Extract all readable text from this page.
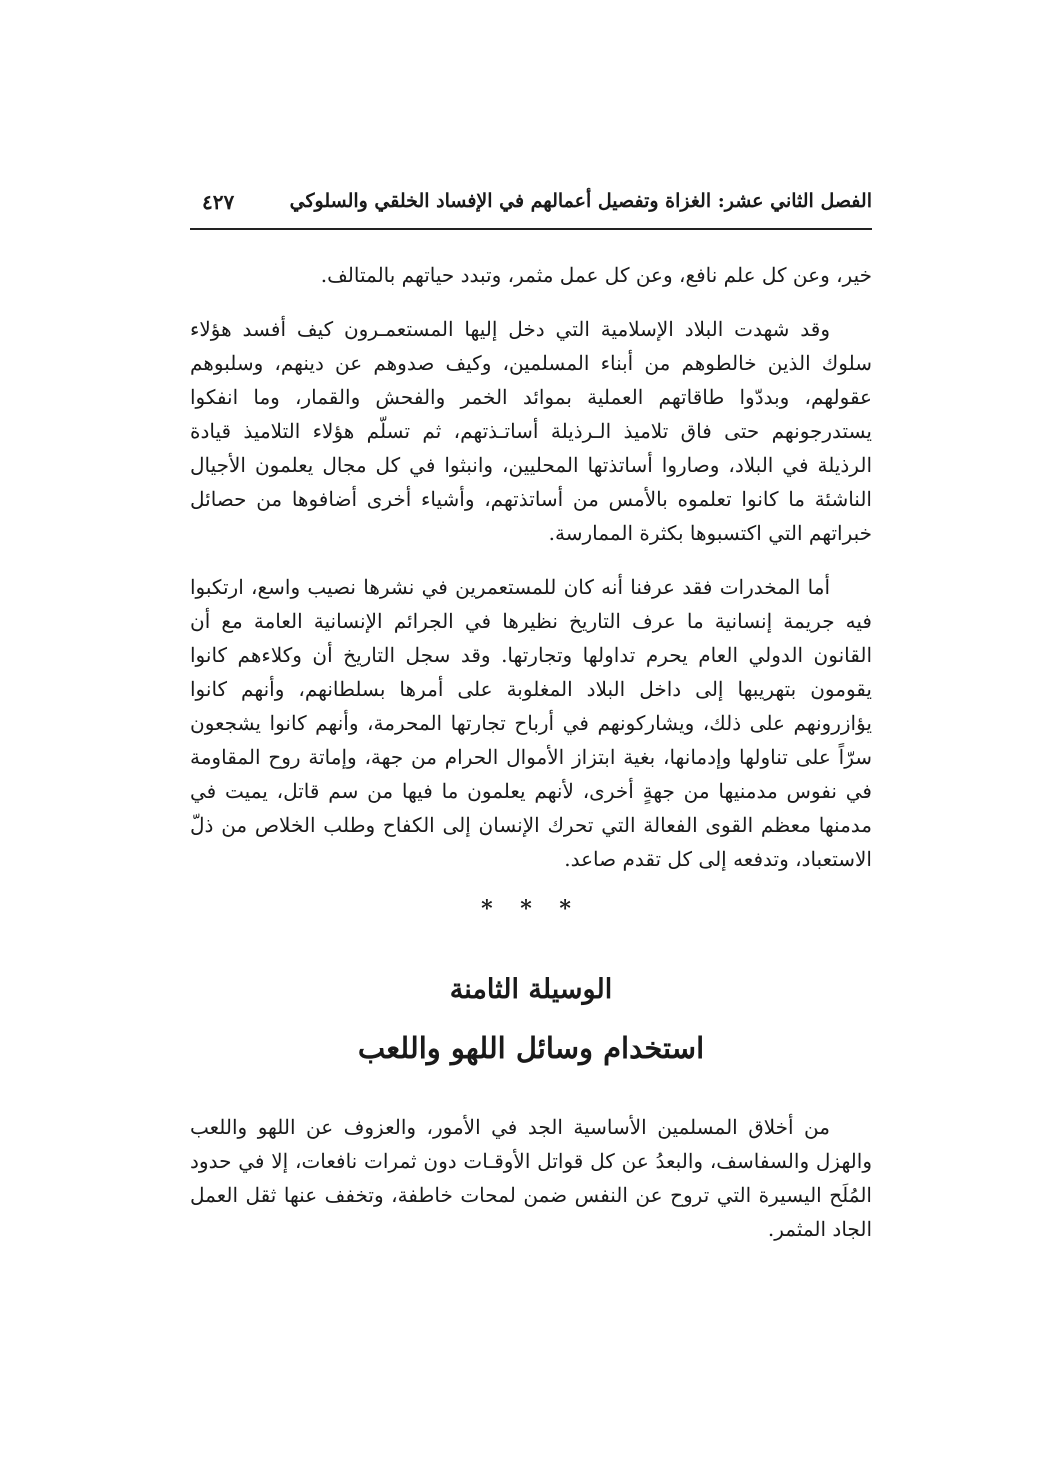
الفصل الثاني عشر: الغزاة وتفصيل أعمالهم في الإفساد الخلقي والسلوكي
٤٢٧

خير، وعن كل علم نافع، وعن كل عمل مثمر، وتبدد حياتهم بالمتالف.

وقد شهدت البلاد الإسلامية التي دخل إليها المستعمـرون كيف أفسد هؤلاء سلوك الذين خالطوهم من أبناء المسلمين، وكيف صدوهم عن دينهم، وسلبوهم عقولهم، وبددّوا طاقاتهم العملية بموائد الخمر والفحش والقمار، وما انفكوا يستدرجونهم حتى فاق تلاميذ الـرذيلة أساتـذتهم، ثم تسلّم هؤلاء التلاميذ قيادة الرذيلة في البلاد، وصاروا أساتذتها المحليين، وانبثوا في كل مجال يعلمون الأجيال الناشئة ما كانوا تعلموه بالأمس من أساتذتهم، وأشياء أخرى أضافوها من حصائل خبراتهم التي اكتسبوها بكثرة الممارسة.

أما المخدرات فقد عرفنا أنه كان للمستعمرين في نشرها نصيب واسع، ارتكبوا فيه جريمة إنسانية ما عرف التاريخ نظيرها في الجرائم الإنسانية العامة مع أن القانون الدولي العام يحرم تداولها وتجارتها. وقد سجل التاريخ أن وكلاءهم كانوا يقومون بتهريبها إلى داخل البلاد المغلوبة على أمرها بسلطانهم، وأنهم كانوا يؤازرونهم على ذلك، ويشاركونهم في أرباح تجارتها المحرمة، وأنهم كانوا يشجعون سرّاً على تناولها وإدمانها، بغية ابتزاز الأموال الحرام من جهة، وإماتة روح المقاومة في نفوس مدمنيها من جهةٍ أخرى، لأنهم يعلمون ما فيها من سم قاتل، يميت في مدمنها معظم القوى الفعالة التي تحرك الإنسان إلى الكفاح وطلب الخلاص من ذلّ الاستعباد، وتدفعه إلى كل تقدم صاعد.

* * *
الوسيلة الثامنة
استخدام وسائل اللهو واللعب

من أخلاق المسلمين الأساسية الجد في الأمور، والعزوف عن اللهو واللعب والهزل والسفاسف، والبعدُ عن كل قواتل الأوقـات دون ثمرات نافعات، إلا في حدود المُلَح اليسيرة التي تروح عن النفس ضمن لمحات خاطفة، وتخفف عنها ثقل العمل الجاد المثمر.
